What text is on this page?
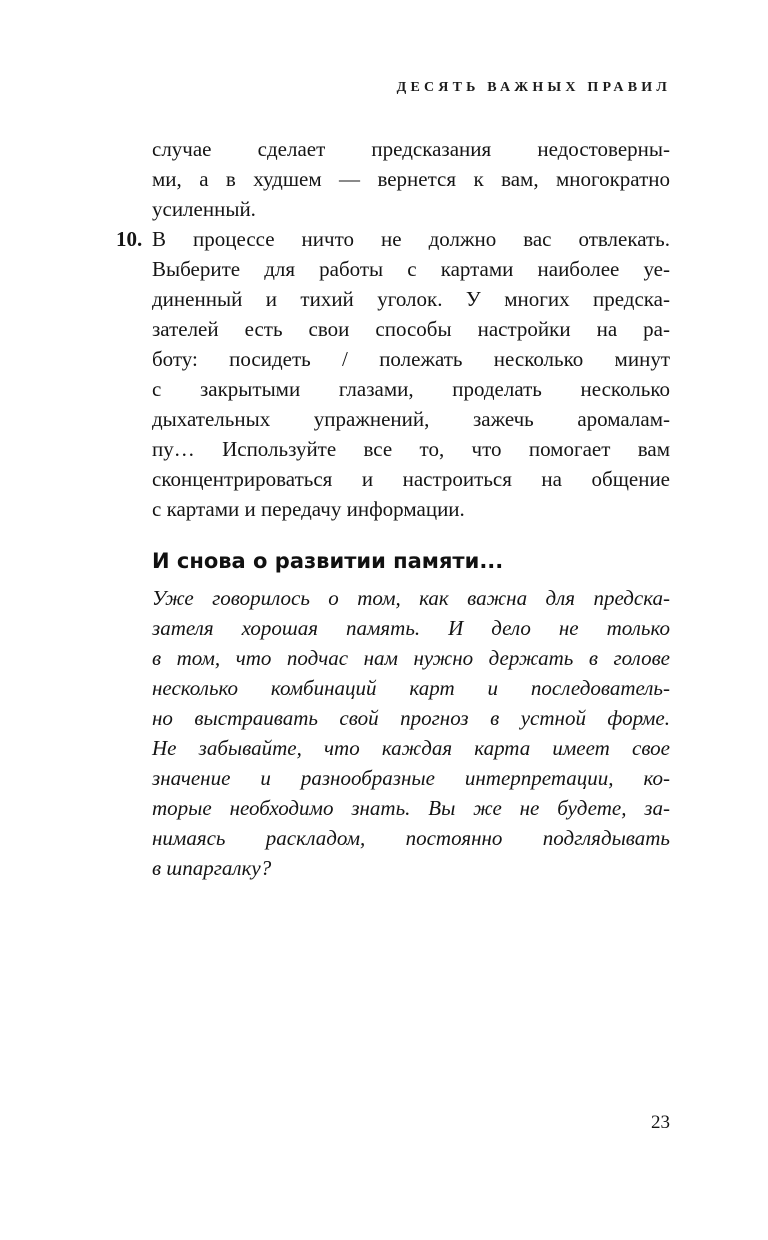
ДЕСЯТЬ ВАЖНЫХ ПРАВИЛ
случае сделает предсказания недостоверны-
ми, а в худшем — вернется к вам, многократно
усиленный.
10. В процессе ничто не должно вас отвлекать.
Выберите для работы с картами наиболее уе-
диненный и тихий уголок. У многих предска-
зателей есть свои способы настройки на ра-
боту: посидеть / полежать несколько минут
с закрытыми глазами, проделать несколько
дыхательных упражнений, зажечь аромалам-
пу… Используйте все то, что помогает вам
сконцентрироваться и настроиться на общение
с картами и передачу информации.
И снова о развитии памяти...
Уже говорилось о том, как важна для предска-
зателя хорошая память. И дело не только
в том, что подчас нам нужно держать в голове
несколько комбинаций карт и последователь-
но выстраивать свой прогноз в устной форме.
Не забывайте, что каждая карта имеет свое
значение и разнообразные интерпретации, ко-
торые необходимо знать. Вы же не будете, за-
нимаясь раскладом, постоянно подглядывать
в шпаргалку?
23
